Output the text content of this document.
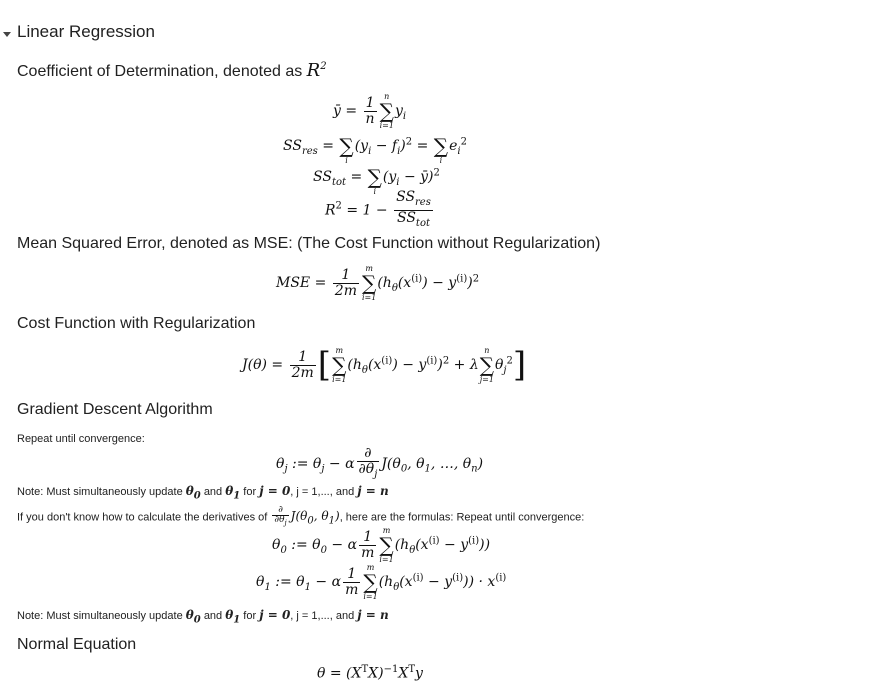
Linear Regression
Coefficient of Determination, denoted as $R^2$
ȳ = $\frac{1}{n}$ n
∑
i=1
$y_i$
$SS_{res}$ =
∑
i
$(y_i - f_i)^2$ =
∑
i
$e_i^2$
$SS_{tot}$ =
∑
i
($y_i$ − ȳ)$^2$
$R^2 = 1 - \frac{SS_{res}}{SS_{tot}}$
Mean Squared Error, denoted as MSE: (The Cost Function without Regularization)
MSE = $\frac{1}{2m}$ m
∑
i=1
$(h_\theta(x^{(i)}) - y^{(i)})^2$
Cost Function with Regularization
$J(\theta) = \frac{1}{2m}$ [ m
∑
i=1
$(h_\theta(x^{(i)}) - y^{(i)})^2 + \lambda$
n
∑
j=1
$\theta_j^2$]
Gradient Descent Algorithm
Repeat until convergence:
$\theta_j$ := $\theta_j - \alpha \frac{\partial}{\partial\theta_j} J(\theta_0$, $\theta_1$, …, $\theta_n$)
Note: Must simultaneously update $\theta_0$ and $\theta_1$ for j = 0, j = 1,..., and j = n
If you don't know how to calculate the derivatives of $\frac{\partial}{\partial\theta_j} J(\theta_0$, $\theta_1$), here are the formulas: Repeat until convergence:
$\theta_0$ := $\theta_0 - \alpha \frac{1}{m}$ m
∑
i=1
$(h_\theta(x^{(i)} - y^{(i)}))$
$\theta_1$ := $\theta_1 - \alpha \frac{1}{m}$ m
∑
i=1
$(h_\theta(x^{(i)} - y^{(i)})) \cdot x^{(i)}$
Note: Must simultaneously update $\theta_0$ and $\theta_1$ for j = 0, j = 1,..., and j = n
Normal Equation
$\theta = (X^TX)^{-1}X^Ty$
